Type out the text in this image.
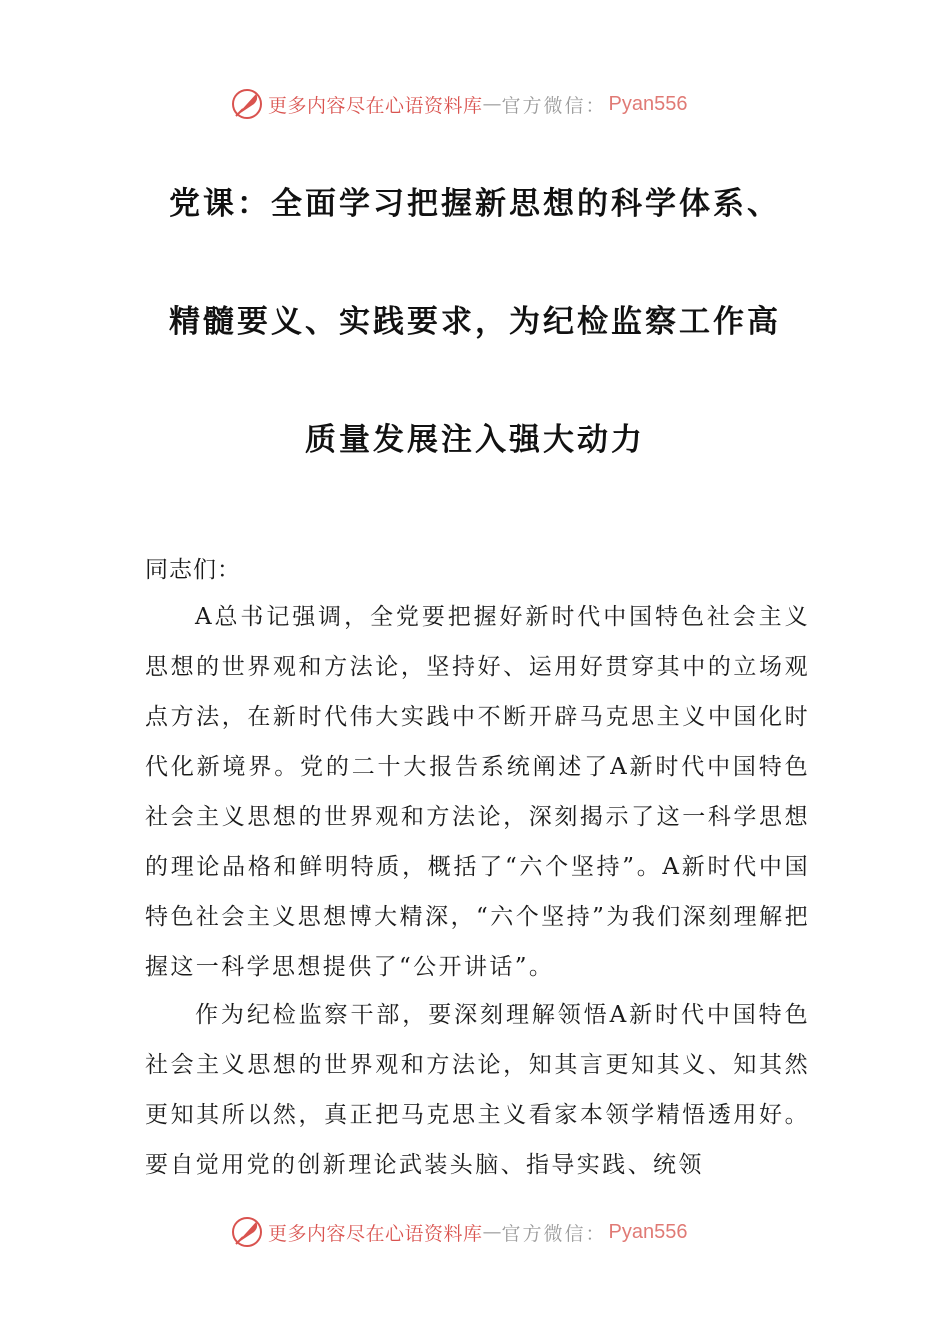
更多内容尽在心语资料库 — 官方微信： Pyan556
党课：全面学习把握新思想的科学体系、
精髓要义、实践要求，为纪检监察工作高
质量发展注入强大动力
同志们：
A总书记强调，全党要把握好新时代中国特色社会主义思想的世界观和方法论，坚持好、运用好贯穿其中的立场观点方法，在新时代伟大实践中不断开辟马克思主义中国化时代化新境界。党的二十大报告系统阐述了A新时代中国特色社会主义思想的世界观和方法论，深刻揭示了这一科学思想的理论品格和鲜明特质，概括了“六个坚持”。A新时代中国特色社会主义思想博大精深，“六个坚持”为我们深刻理解把握这一科学思想提供了“公开讲话”。
作为纪检监察干部，要深刻理解领悟A新时代中国特色社会主义思想的世界观和方法论，知其言更知其义、知其然更知其所以然，真正把马克思主义看家本领学精悟透用好。要自觉用党的创新理论武装头脑、指导实践、统领
更多内容尽在心语资料库 — 官方微信： Pyan556
